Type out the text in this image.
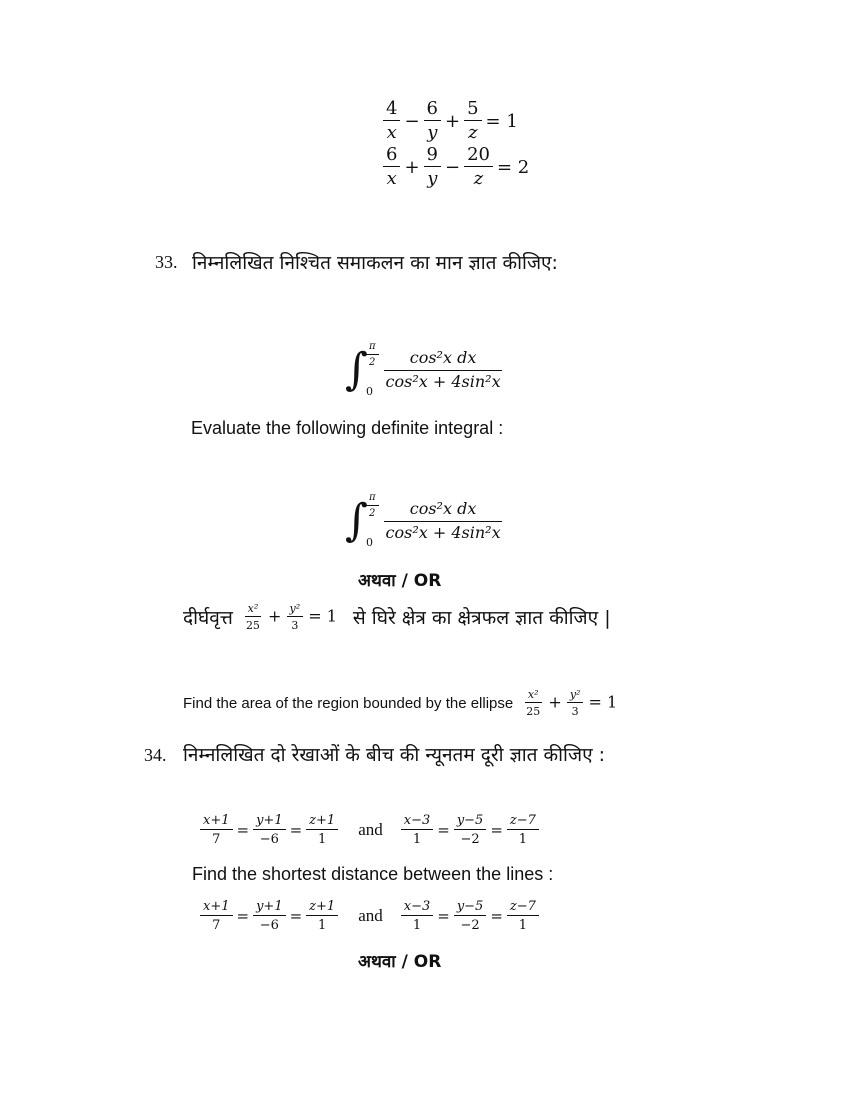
$\frac{4}{x} - \frac{6}{y} + \frac{5}{z} = 1$
$\frac{6}{x} + \frac{9}{y} - \frac{20}{z} = 2$
33. निम्नलिखित निश्चित समाकलन का मान ज्ञात कीजिए:
∫
$\frac{\pi}{2}$
0
$\frac{\text{cos²x dx}}{\text{cos²x + 4sin²x}}$
Evaluate the following definite integral :
∫
$\frac{\pi}{2}$
0
$\frac{\text{cos²x dx}}{\text{cos²x + 4sin²x}}$
अथवा / OR
दीर्घवृत्त $\frac{\text{x²}}{25} + \frac{\text{y²}}{3} = 1$ से घिरे क्षेत्र का क्षेत्रफल ज्ञात कीजिए |
Find the area of the region bounded by the ellipse $\frac{\text{x²}}{25} + \frac{\text{y²}}{3} = 1$
34. निम्नलिखित दो रेखाओं के बीच की न्यूनतम दूरी ज्ञात कीजिए :
$\frac{x+1}{7} = \frac{y+1}{-6} = \frac{z+1}{1}$ and $\frac{x-3}{1} = \frac{y-5}{-2} = \frac{z-7}{1}$
Find the shortest distance between the lines :
$\frac{x+1}{7} = \frac{y+1}{-6} = \frac{z+1}{1}$ and $\frac{x-3}{1} = \frac{y-5}{-2} = \frac{z-7}{1}$
अथवा / OR
